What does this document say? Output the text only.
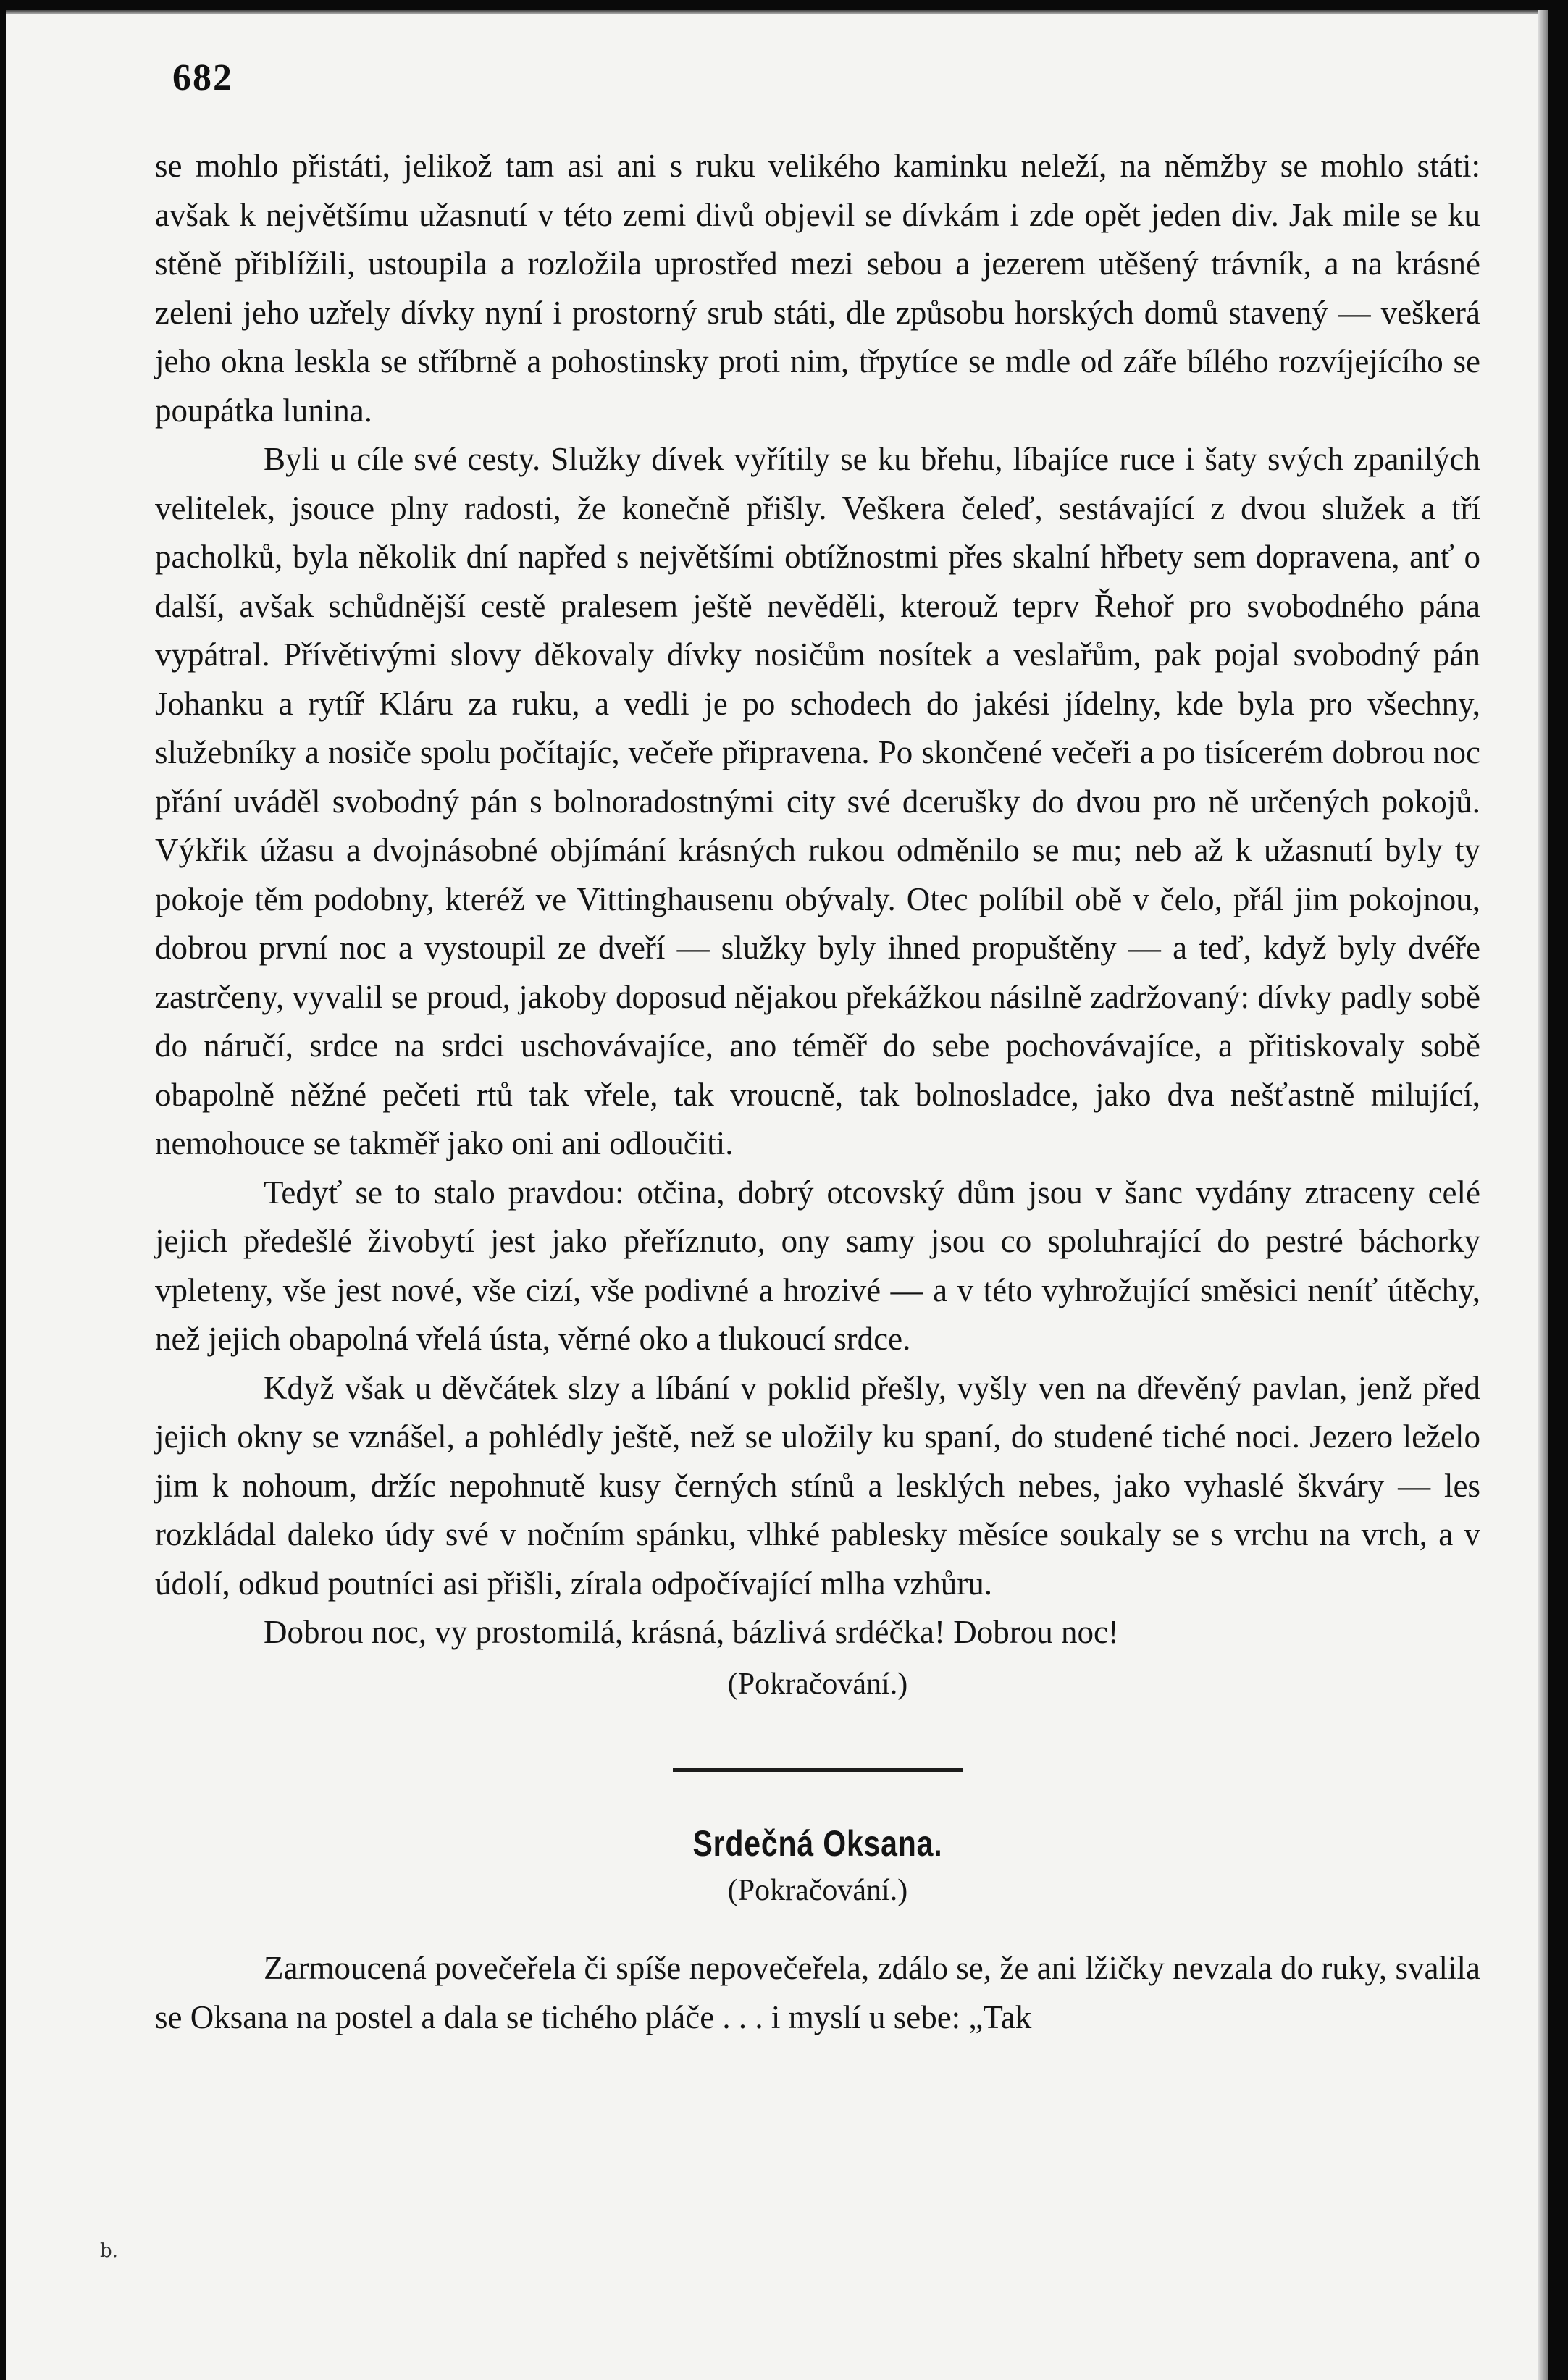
682

se mohlo přistáti, jelikož tam asi ani s ruku velikého kaminku neleží, na němžby se mohlo státi: avšak k největšímu užasnutí v této zemi divů objevil se dívkám i zde opět jeden div. Jak mile se ku stěně přiblížili, ustoupila a rozložila uprostřed mezi sebou a jezerem utěšený trávník, a na krásné zeleni jeho uzřely dívky nyní i prostorný srub státi, dle způsobu horských domů stavený — veškerá jeho okna leskla se stříbrně a pohostinsky proti nim, třpytíce se mdle od záře bílého rozvíjejícího se poupátka lunina.

Byli u cíle své cesty. Služky dívek vyřítily se ku břehu, líbajíce ruce i šaty svých zpanilých velitelek, jsouce plny radosti, že konečně přišly. Veškera čeleď, sestávající z dvou služek a tří pacholků, byla několik dní napřed s největšími obtížnostmi přes skalní hřbety sem dopravena, anť o další, avšak schůdnější cestě pralesem ještě nevěděli, kterouž teprv Řehoř pro svobodného pána vypátral. Přívětivými slovy děkovaly dívky nosičům nosítek a veslařům, pak pojal svobodný pán Johanku a rytíř Kláru za ruku, a vedli je po schodech do jakési jídelny, kde byla pro všechny, služebníky a nosiče spolu počítajíc, večeře připravena. Po skončené večeři a po tisícerém dobrou noc přání uváděl svobodný pán s bolnoradostnými city své dcerušky do dvou pro ně určených pokojů. Výkřik úžasu a dvojnásobné objímání krásných rukou odměnilo se mu; neb až k užasnutí byly ty pokoje těm podobny, kteréž ve Vittinghausenu obývaly. Otec políbil obě v čelo, přál jim pokojnou, dobrou první noc a vystoupil ze dveří — služky byly ihned propuštěny — a teď, když byly dvéře zastrčeny, vyvalil se proud, jakoby doposud nějakou překážkou násilně zadržovaný: dívky padly sobě do náručí, srdce na srdci uschovávajíce, ano téměř do sebe pochovávajíce, a přitiskovaly sobě obapolně něžné pečeti rtů tak vřele, tak vroucně, tak bolnosladce, jako dva nešťastně milující, nemohouce se takměř jako oni ani odloučiti.

Tedyť se to stalo pravdou: otčina, dobrý otcovský dům jsou v šanc vydány ztraceny celé jejich předešlé živobytí jest jako přeříznuto, ony samy jsou co spoluhrající do pestré báchorky vpleteny, vše jest nové, vše cizí, vše podivné a hrozivé — a v této vyhrožující směsici neníť útěchy, než jejich obapolná vřelá ústa, věrné oko a tlukoucí srdce.

Když však u děvčátek slzy a líbání v poklid přešly, vyšly ven na dřevěný pavlan, jenž před jejich okny se vznášel, a pohlédly ještě, než se uložily ku spaní, do studené tiché noci. Jezero leželo jim k nohoum, držíc nepohnutě kusy černých stínů a lesklých nebes, jako vyhaslé škváry — les rozkládal daleko údy své v nočním spánku, vlhké pablesky měsíce soukaly se s vrchu na vrch, a v údolí, odkud poutníci asi přišli, zírala odpočívající mlha vzhůru.

Dobrou noc, vy prostomilá, krásná, bázlivá srdéčka! Dobrou noc!

(Pokračování.)

Srdečná Oksana.
(Pokračování.)

Zarmoucená povečeřela či spíše nepovečeřela, zdálo se, že ani lžičky nevzala do ruky, svalila se Oksana na postel a dala se tichého pláče . . . i myslí u sebe: „Tak

b.
